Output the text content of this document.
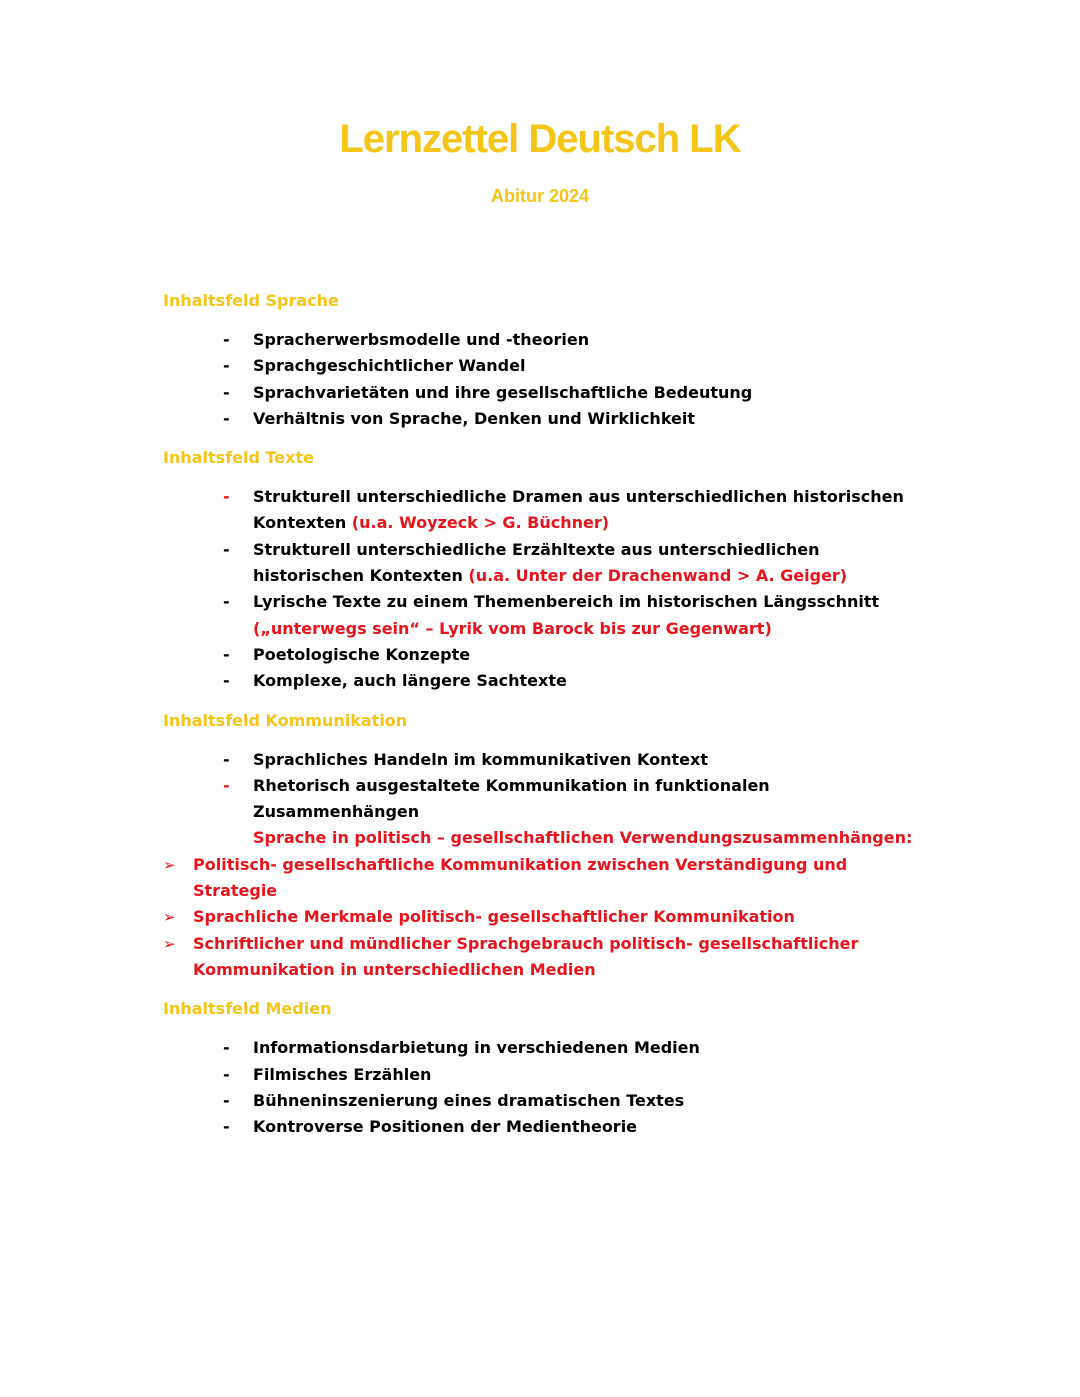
Lernzettel Deutsch LK
Abitur 2024
Inhaltsfeld Sprache
- Spracherwerbsmodelle und -theorien
- Sprachgeschichtlicher Wandel
- Sprachvarietäten und ihre gesellschaftliche Bedeutung
- Verhältnis von Sprache, Denken und Wirklichkeit
Inhaltsfeld Texte
- Strukturell unterschiedliche Dramen aus unterschiedlichen historischen Kontexten (u.a. Woyzeck > G. Büchner)
- Strukturell unterschiedliche Erzähltexte aus unterschiedlichen historischen Kontexten (u.a. Unter der Drachenwand > A. Geiger)
- Lyrische Texte zu einem Themenbereich im historischen Längsschnitt
(„unterwegs sein“ – Lyrik vom Barock bis zur Gegenwart)
- Poetologische Konzepte
- Komplexe, auch längere Sachtexte
Inhaltsfeld Kommunikation
- Sprachliches Handeln im kommunikativen Kontext
- Rhetorisch ausgestaltete Kommunikation in funktionalen Zusammenhängen
Sprache in politisch – gesellschaftlichen Verwendungszusammenhängen:
➢ Politisch- gesellschaftliche Kommunikation zwischen Verständigung und Strategie
➢ Sprachliche Merkmale politisch- gesellschaftlicher Kommunikation
➢ Schriftlicher und mündlicher Sprachgebrauch politisch- gesellschaftlicher Kommunikation in unterschiedlichen Medien
Inhaltsfeld Medien
- Informationsdarbietung in verschiedenen Medien
- Filmisches Erzählen
- Bühneninszenierung eines dramatischen Textes
- Kontroverse Positionen der Medientheorie
